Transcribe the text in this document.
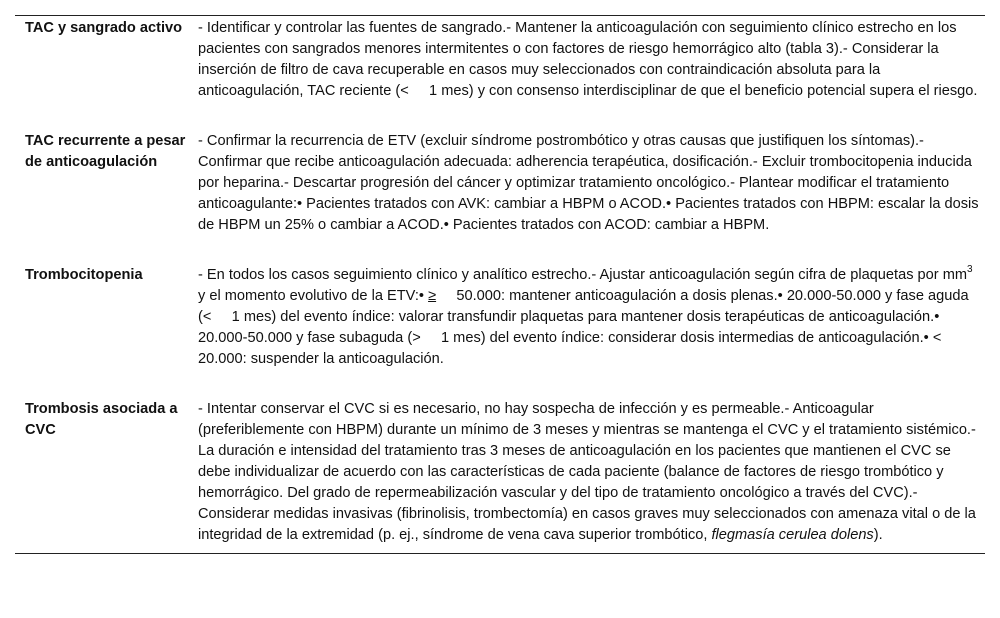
TAC y sangrado activo	- Identificar y controlar las fuentes de sangrado.- Mantener la anticoagulación con seguimiento clínico estrecho en los pacientes con sangrados menores intermitentes o con factores de riesgo hemorrágico alto (tabla 3).- Considerar la inserción de filtro de cava recuperable en casos muy seleccionados con contraindicación absoluta para la anticoagulación, TAC reciente (<     1 mes) y con consenso interdisciplinar de que el beneficio potencial supera el riesgo.
TAC recurrente a pesar de anticoagulación	- Confirmar la recurrencia de ETV (excluir síndrome postrombótico y otras causas que justifiquen los síntomas).- Confirmar que recibe anticoagulación adecuada: adherencia terapéutica, dosificación.- Excluir trombocitopenia inducida por heparina.- Descartar progresión del cáncer y optimizar tratamiento oncológico.- Plantear modificar el tratamiento anticoagulante:• Pacientes tratados con AVK: cambiar a HBPM o ACOD.• Pacientes tratados con HBPM: escalar la dosis de HBPM un 25% o cambiar a ACOD.• Pacientes tratados con ACOD: cambiar a HBPM.
Trombocitopenia	- En todos los casos seguimiento clínico y analítico estrecho.- Ajustar anticoagulación según cifra de plaquetas por $mm^3$ y el momento evolutivo de la ETV:• ≥     50.000: mantener anticoagulación a dosis plenas.• 20.000-50.000 y fase aguda (<     1 mes) del evento índice: valorar transfundir plaquetas para mantener dosis terapéuticas de anticoagulación.• 20.000-50.000 y fase subaguda (>     1 mes) del evento índice: considerar dosis intermedias de anticoagulación.• <     20.000: suspender la anticoagulación.
Trombosis asociada a CVC	- Intentar conservar el CVC si es necesario, no hay sospecha de infección y es permeable.- Anticoagular (preferiblemente con HBPM) durante un mínimo de 3 meses y mientras se mantenga el CVC y el tratamiento sistémico.- La duración e intensidad del tratamiento tras 3 meses de anticoagulación en los pacientes que mantienen el CVC se debe individualizar de acuerdo con las características de cada paciente (balance de factores de riesgo trombótico y hemorrágico. Del grado de repermeabilización vascular y del tipo de tratamiento oncológico a través del CVC).- Considerar medidas invasivas (fibrinolisis, trombectomía) en casos graves muy seleccionados con amenaza vital o de la integridad de la extremidad (p. ej., síndrome de vena cava superior trombótico, flegmasía cerulea dolens).
